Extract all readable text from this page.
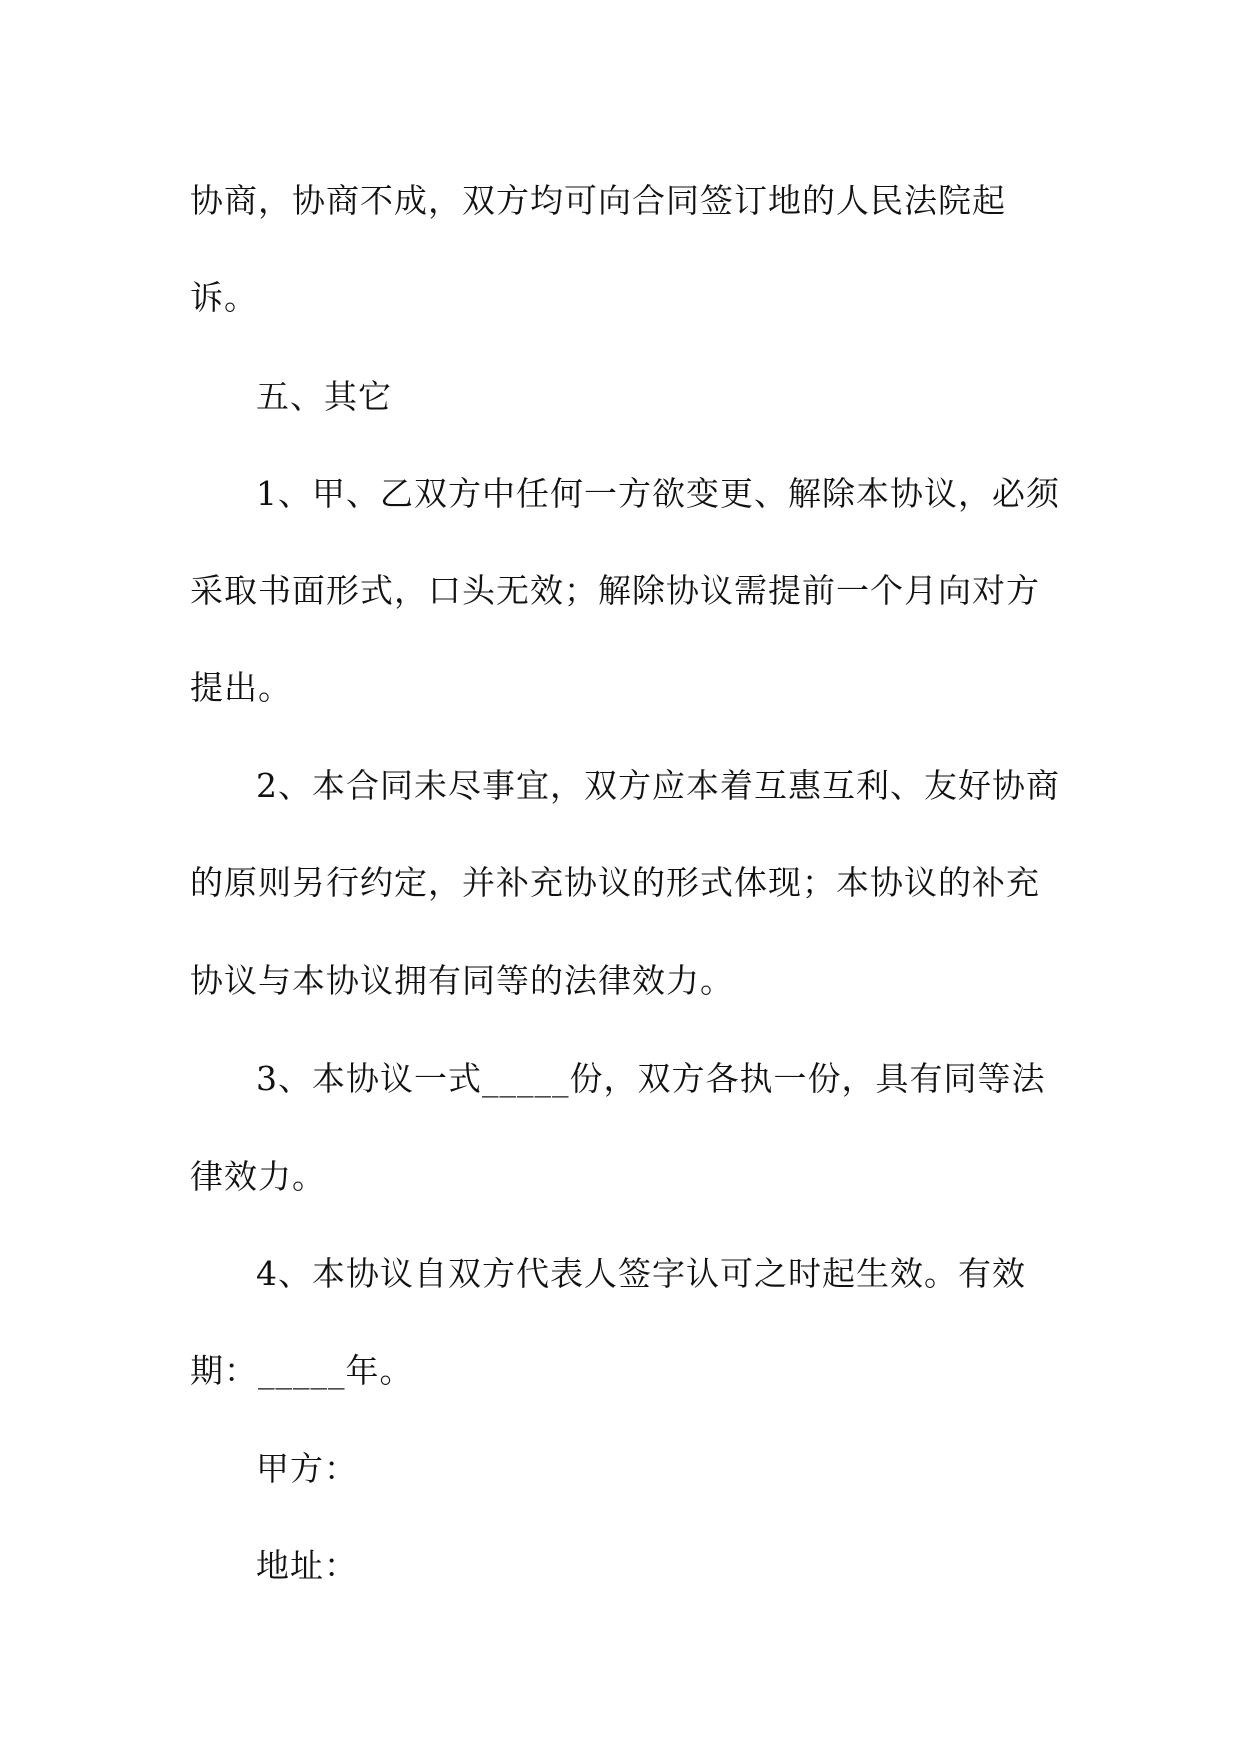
协商，协商不成，双方均可向合同签订地的人民法院起
诉。
五、其它
1、甲、乙双方中任何一方欲变更、解除本协议，必须
采取书面形式，口头无效；解除协议需提前一个月向对方
提出。
2、本合同未尽事宜，双方应本着互惠互利、友好协商
的原则另行约定，并补充协议的形式体现；本协议的补充
协议与本协议拥有同等的法律效力。
3、本协议一式_____份，双方各执一份，具有同等法
律效力。
4、本协议自双方代表人签字认可之时起生效。有效
期：_____年。
甲方：
地址：
